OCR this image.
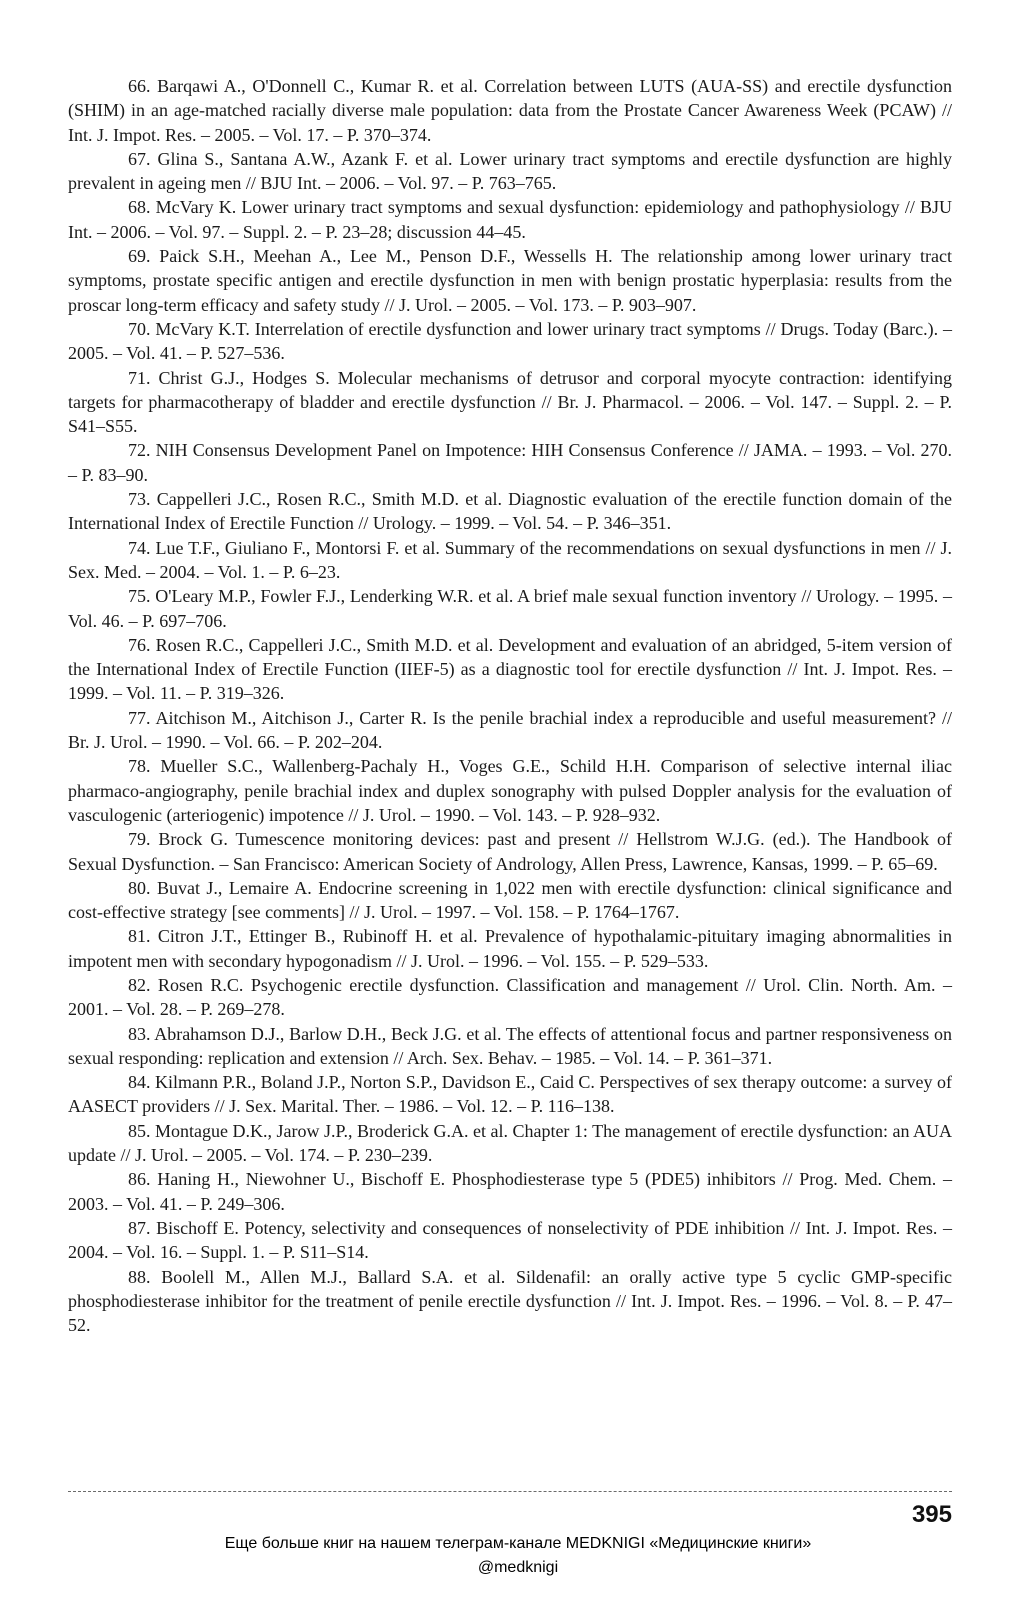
66. Barqawi A., O'Donnell C., Kumar R. et al. Correlation between LUTS (AUA-SS) and erectile dysfunction (SHIM) in an age-matched racially diverse male population: data from the Prostate Cancer Awareness Week (PCAW) // Int. J. Impot. Res. – 2005. – Vol. 17. – P. 370–374.

67. Glina S., Santana A.W., Azank F. et al. Lower urinary tract symptoms and erectile dysfunction are highly prevalent in ageing men // BJU Int. – 2006. – Vol. 97. – P. 763–765.

68. McVary K. Lower urinary tract symptoms and sexual dysfunction: epidemiology and pathophysiology // BJU Int. – 2006. – Vol. 97. – Suppl. 2. – P. 23–28; discussion 44–45.

69. Paick S.H., Meehan A., Lee M., Penson D.F., Wessells H. The relationship among lower urinary tract symptoms, prostate specific antigen and erectile dysfunction in men with benign prostatic hyperplasia: results from the proscar long-term efficacy and safety study // J. Urol. – 2005. – Vol. 173. – P. 903–907.

70. McVary K.T. Interrelation of erectile dysfunction and lower urinary tract symptoms // Drugs. Today (Barc.). – 2005. – Vol. 41. – P. 527–536.

71. Christ G.J., Hodges S. Molecular mechanisms of detrusor and corporal myocyte contraction: identifying targets for pharmacotherapy of bladder and erectile dysfunction // Br. J. Pharmacol. – 2006. – Vol. 147. – Suppl. 2. – P. S41–S55.

72. NIH Consensus Development Panel on Impotence: HIH Consensus Conference // JAMA. – 1993. – Vol. 270. – P. 83–90.

73. Cappelleri J.C., Rosen R.C., Smith M.D. et al. Diagnostic evaluation of the erectile function domain of the International Index of Erectile Function // Urology. – 1999. – Vol. 54. – P. 346–351.

74. Lue T.F., Giuliano F., Montorsi F. et al. Summary of the recommendations on sexual dysfunctions in men // J. Sex. Med. – 2004. – Vol. 1. – P. 6–23.

75. O'Leary M.P., Fowler F.J., Lenderking W.R. et al. A brief male sexual function inventory // Urology. – 1995. – Vol. 46. – P. 697–706.

76. Rosen R.C., Cappelleri J.C., Smith M.D. et al. Development and evaluation of an abridged, 5-item version of the International Index of Erectile Function (IIEF-5) as a diagnostic tool for erectile dysfunction // Int. J. Impot. Res. – 1999. – Vol. 11. – P. 319–326.

77. Aitchison M., Aitchison J., Carter R. Is the penile brachial index a reproducible and useful measurement? // Br. J. Urol. – 1990. – Vol. 66. – P. 202–204.

78. Mueller S.C., Wallenberg-Pachaly H., Voges G.E., Schild H.H. Comparison of selective internal iliac pharmaco-angiography, penile brachial index and duplex sonography with pulsed Doppler analysis for the evaluation of vasculogenic (arteriogenic) impotence // J. Urol. – 1990. – Vol. 143. – P. 928–932.

79. Brock G. Tumescence monitoring devices: past and present // Hellstrom W.J.G. (ed.). The Handbook of Sexual Dysfunction. – San Francisco: American Society of Andrology, Allen Press, Lawrence, Kansas, 1999. – P. 65–69.

80. Buvat J., Lemaire A. Endocrine screening in 1,022 men with erectile dysfunction: clinical significance and cost-effective strategy [see comments] // J. Urol. – 1997. – Vol. 158. – P. 1764–1767.

81. Citron J.T., Ettinger B., Rubinoff H. et al. Prevalence of hypothalamic-pituitary imaging abnormalities in impotent men with secondary hypogonadism // J. Urol. – 1996. – Vol. 155. – P. 529–533.

82. Rosen R.C. Psychogenic erectile dysfunction. Classification and management // Urol. Clin. North. Am. – 2001. – Vol. 28. – P. 269–278.

83. Abrahamson D.J., Barlow D.H., Beck J.G. et al. The effects of attentional focus and partner responsiveness on sexual responding: replication and extension // Arch. Sex. Behav. – 1985. – Vol. 14. – P. 361–371.

84. Kilmann P.R., Boland J.P., Norton S.P., Davidson E., Caid C. Perspectives of sex therapy outcome: a survey of AASECT providers // J. Sex. Marital. Ther. – 1986. – Vol. 12. – P. 116–138.

85. Montague D.K., Jarow J.P., Broderick G.A. et al. Chapter 1: The management of erectile dysfunction: an AUA update // J. Urol. – 2005. – Vol. 174. – P. 230–239.

86. Haning H., Niewohner U., Bischoff E. Phosphodiesterase type 5 (PDE5) inhibitors // Prog. Med. Chem. – 2003. – Vol. 41. – P. 249–306.

87. Bischoff E. Potency, selectivity and consequences of nonselectivity of PDE inhibition // Int. J. Impot. Res. – 2004. – Vol. 16. – Suppl. 1. – P. S11–S14.

88. Boolell M., Allen M.J., Ballard S.A. et al. Sildenafil: an orally active type 5 cyclic GMP-specific phosphodiesterase inhibitor for the treatment of penile erectile dysfunction // Int. J. Impot. Res. – 1996. – Vol. 8. – P. 47–52.

395
Еще больше книг на нашем телеграм-канале MEDKNIGI «Медицинские книги»
@medknigi
